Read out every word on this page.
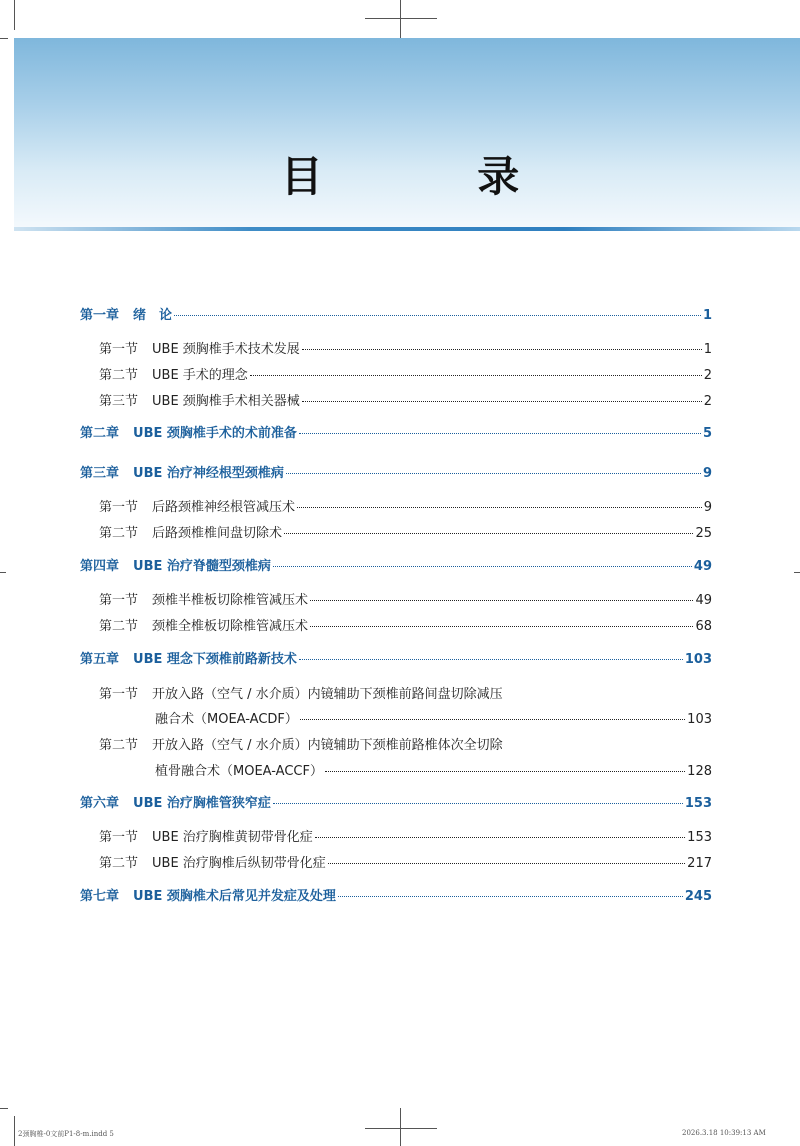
目 录
第一章 绪　论	1
第一节 UBE 颈胸椎手术技术发展	1
第二节 UBE 手术的理念	2
第三节 UBE 颈胸椎手术相关器械	2
第二章 UBE 颈胸椎手术的术前准备	5
第三章 UBE 治疗神经根型颈椎病	9
第一节 后路颈椎神经根管减压术	9
第二节 后路颈椎椎间盘切除术	25
第四章 UBE 治疗脊髓型颈椎病	49
第一节 颈椎半椎板切除椎管减压术	49
第二节 颈椎全椎板切除椎管减压术	68
第五章 UBE 理念下颈椎前路新技术	103
第一节 开放入路（空气 / 水介质）内镜辅助下颈椎前路间盘切除减压
融合术（MOEA-ACDF）	103
第二节 开放入路（空气 / 水介质）内镜辅助下颈椎前路椎体次全切除
植骨融合术（MOEA-ACCF）	128
第六章 UBE 治疗胸椎管狭窄症	153
第一节 UBE 治疗胸椎黄韧带骨化症	153
第二节 UBE 治疗胸椎后纵韧带骨化症	217
第七章 UBE 颈胸椎术后常见并发症及处理	245
2颈胸椎-0文前P1-8-m.indd 5	2026.3.18 10:39:13 AM
